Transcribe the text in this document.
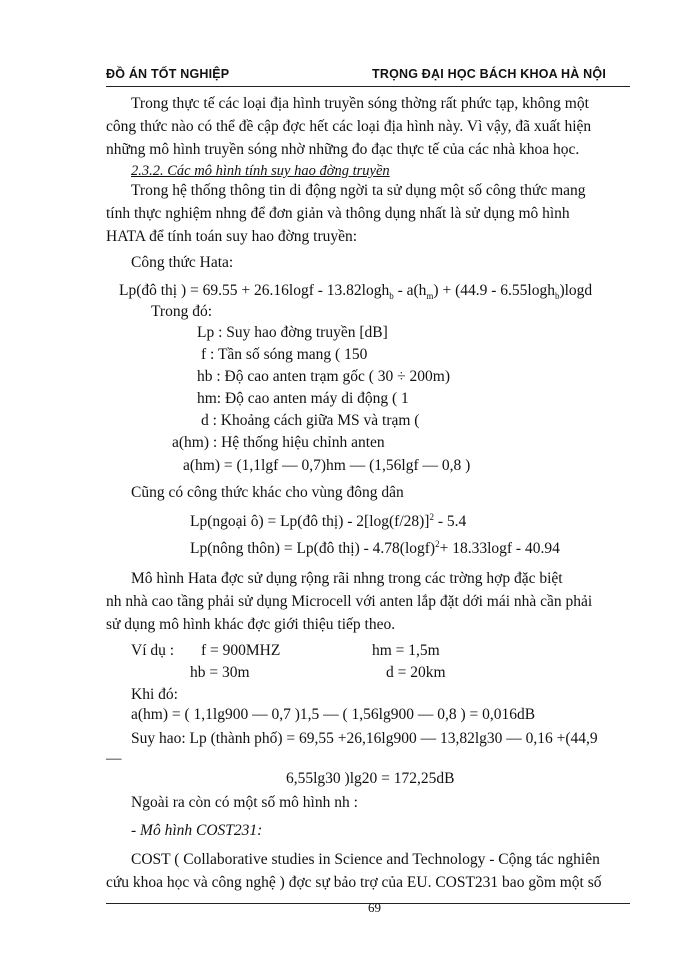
ĐỒ ÁN TỐT NGHIỆP	TRỌNG ĐẠI HỌC BÁCH KHOA HÀ NỘI
Trong thực tế các loại địa hình truyền sóng thờng rất phức tạp, không một
công thức nào có thể đề cập đợc hết các loại địa hình này. Vì vậy, đã xuất hiện
những mô hình truyền sóng nhờ những đo đạc thực tế của các nhà khoa học.
2.3.2. Các mô hình tính suy hao đờng truyền
Trong hệ thống thông tin di động ngời ta sử dụng một số công thức mang
tính thực nghiệm nhng để đơn giản và thông dụng nhất là sử dụng mô hình
HATA để tính toán suy hao đờng truyền:
Công thức Hata:
Lp(đô thị ) = $69.55 + 26.16\log f - 13.82\log h_b - a(h_m) + (44.9 - 6.55\log h_b)\log d$
Trong đó:
Lp : Suy hao đờng truyền [dB]
f : Tần số sóng mang ( 150
hb : Độ cao anten trạm gốc ( 30 ÷ 200m)
hm: Độ cao anten máy di động ( 1
d : Khoảng cách giữa MS và trạm (
a(hm) : Hệ thống hiệu chỉnh anten
a(hm) = (1,1lgf — 0,7)hm — (1,56lgf — 0,8 )
Cũng có công thức khác cho vùng đông dân
Lp(ngoại ô) = Lp(đô thị) - $2[\log(f/28)]^2 - 5.4$
Lp(nông thôn) = Lp(đô thị) - $4.78(\log f)^2+ 18.33\log f - 40.94$
Mô hình Hata đợc sử dụng rộng rãi nhng trong các trờng hợp đặc biệt
nh nhà cao tầng phải sử dụng Microcell với anten lắp đặt dới mái nhà cần phải
sử dụng mô hình khác đợc giới thiệu tiếp theo.
Ví dụ : f = 900MHZ	hm = 1,5m
hb = 30m	d = 20km
Khi đó:
a(hm) = ( 1,1lg900 — 0,7 )1,5 — ( 1,56lg900 — 0,8 ) = 0,016dB
Suy hao: Lp (thành phố) = 69,55 +26,16lg900 — 13,82lg30 — 0,16 +(44,9
—
6,55lg30 )lg20 = 172,25dB
Ngoài ra còn có một số mô hình nh :
- Mô hình COST231:
COST ( Collaborative studies in Science and Technology - Cộng tác nghiên
cứu khoa học và công nghệ ) đợc sự bảo trợ của EU. COST231 bao gồm một số
69
